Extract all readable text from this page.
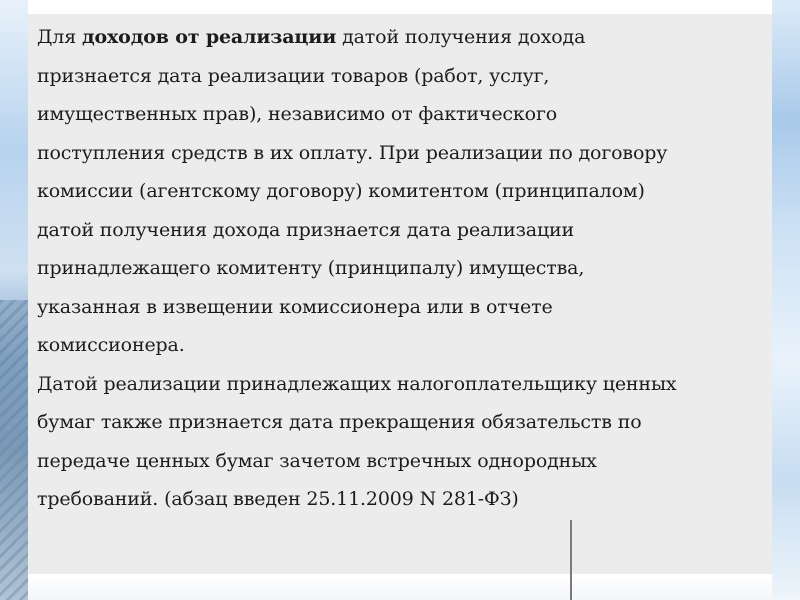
Для доходов от реализации датой получения дохода
признается дата реализации товаров (работ, услуг,
имущественных прав), независимо от фактического
поступления средств в их оплату. При реализации по договору
комиссии (агентскому договору) комитентом (принципалом)
датой получения дохода признается дата реализации
принадлежащего комитенту (принципалу) имущества,
указанная в извещении комиссионера или в отчете
комиссионера.
Датой реализации принадлежащих налогоплательщику ценных
бумаг также признается дата прекращения обязательств по
передаче ценных бумаг зачетом встречных однородных
требований. (абзац введен 25.11.2009 N 281-ФЗ)
